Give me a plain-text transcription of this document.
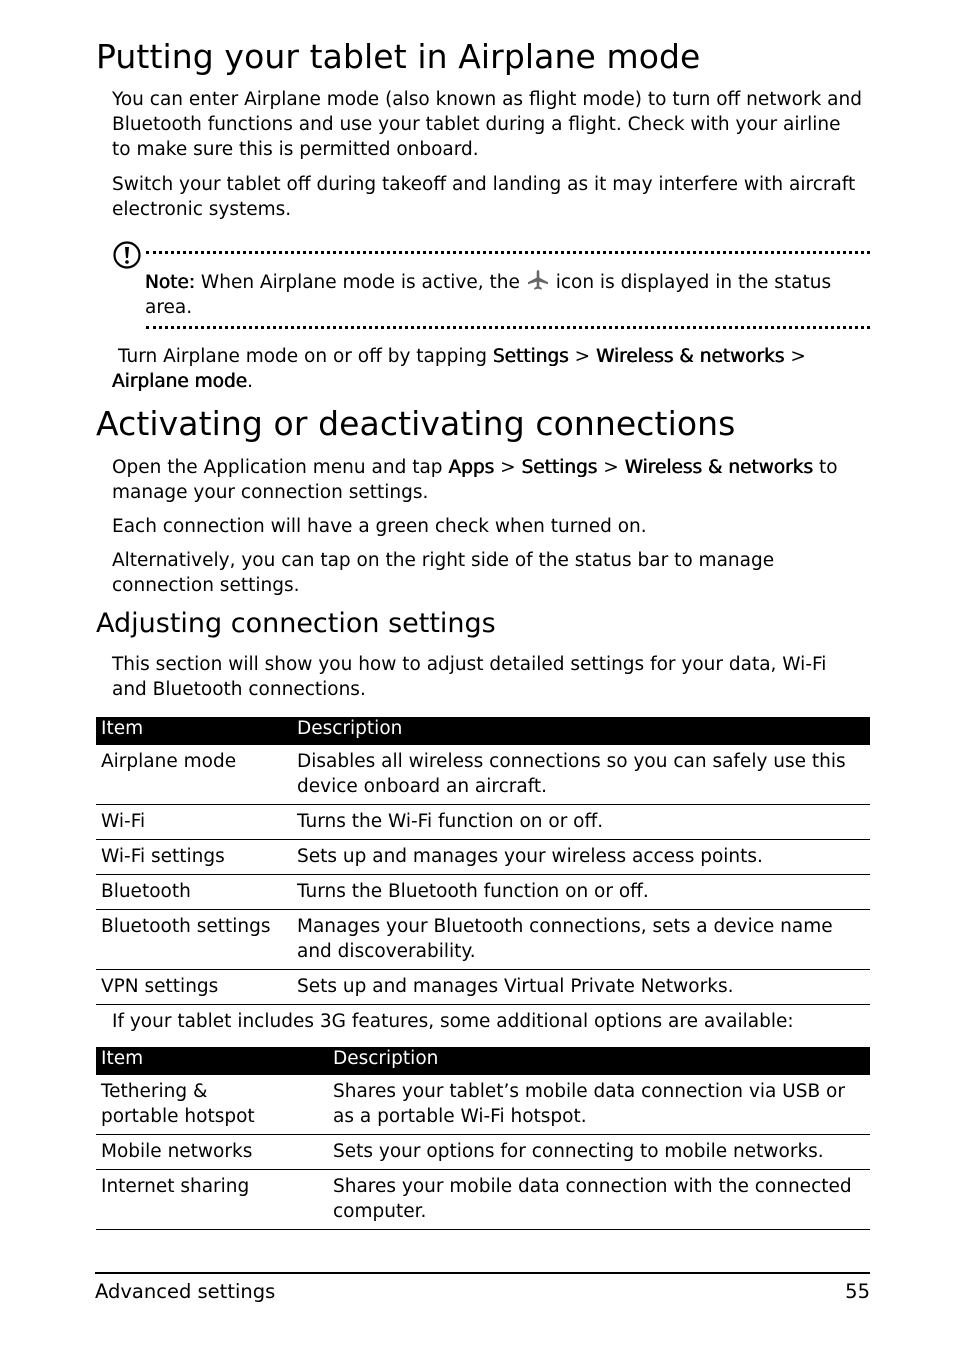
Putting your tablet in Airplane mode

You can enter Airplane mode (also known as flight mode) to turn off network and Bluetooth functions and use your tablet during a flight. Check with your airline to make sure this is permitted onboard.

Switch your tablet off during takeoff and landing as it may interfere with aircraft electronic systems.

Note: When Airplane mode is active, the icon is displayed in the status area.

Turn Airplane mode on or off by tapping Settings > Wireless & networks >
Airplane mode.

Activating or deactivating connections

Open the Application menu and tap Apps > Settings > Wireless & networks to manage your connection settings.

Each connection will have a green check when turned on.

Alternatively, you can tap on the right side of the status bar to manage connection settings.

Adjusting connection settings

This section will show you how to adjust detailed settings for your data, Wi-Fi and Bluetooth connections.

Item	Description
Airplane mode	Disables all wireless connections so you can safely use this device onboard an aircraft.
Wi-Fi	Turns the Wi-Fi function on or off.
Wi-Fi settings	Sets up and manages your wireless access points.
Bluetooth	Turns the Bluetooth function on or off.
Bluetooth settings	Manages your Bluetooth connections, sets a device name and discoverability.
VPN settings	Sets up and manages Virtual Private Networks.

If your tablet includes 3G features, some additional options are available:

Item	Description
Tethering & portable hotspot	Shares your tablet’s mobile data connection via USB or as a portable Wi-Fi hotspot.
Mobile networks	Sets your options for connecting to mobile networks.
Internet sharing	Shares your mobile data connection with the connected computer.
Advanced settings	55
